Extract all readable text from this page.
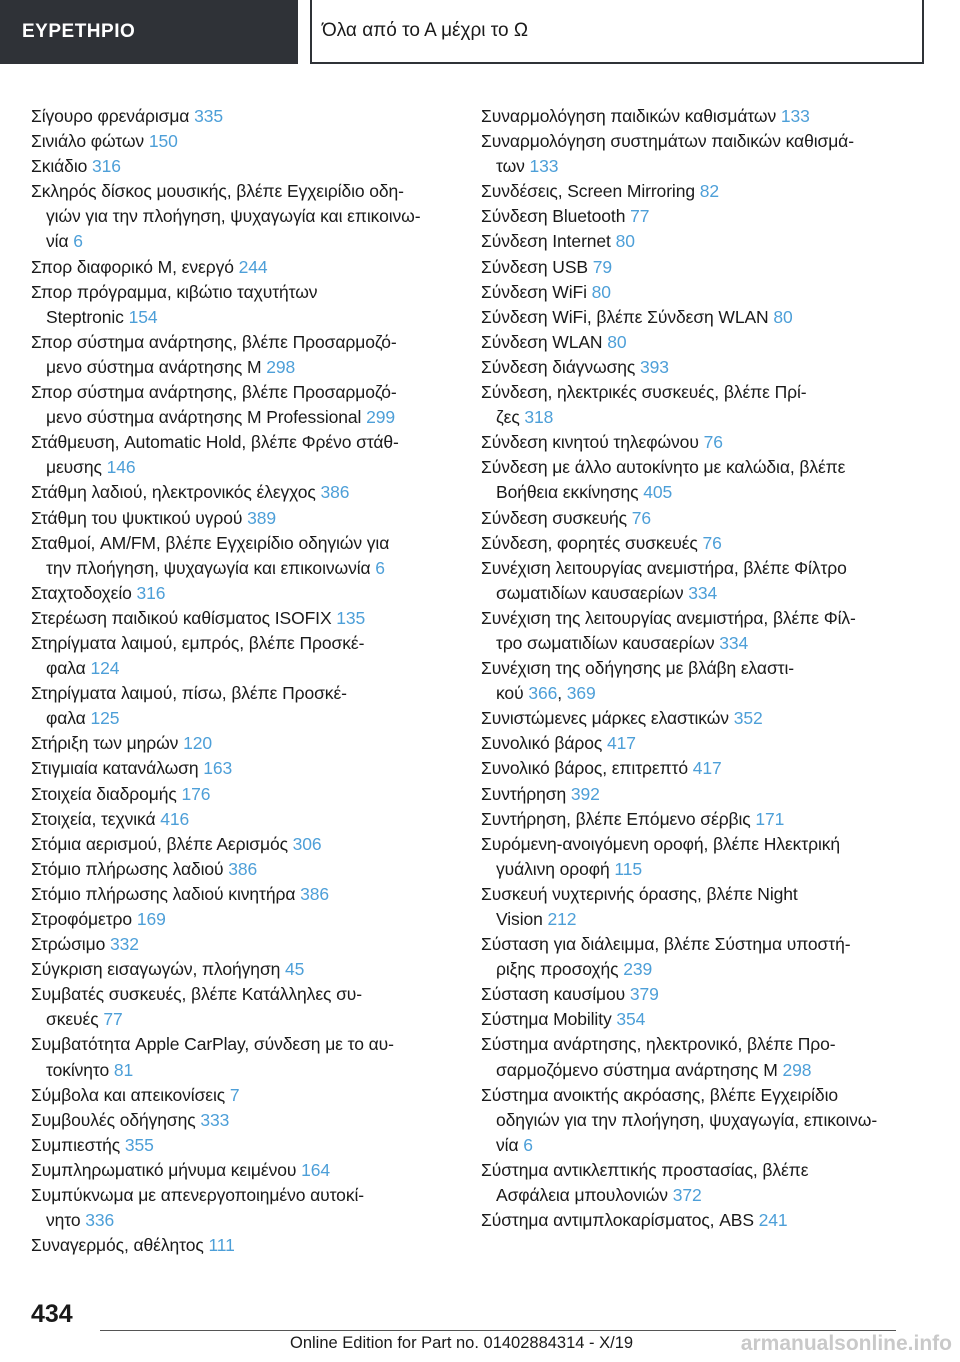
ΕΥΡΕΤΗΡΙΟ	Όλα από το Α μέχρι το Ω
Σίγουρο φρενάρισμα 335
Σινιάλο φώτων 150
Σκιάδιο 316
Σκληρός δίσκος μουσικής, βλέπε Εγχειρίδιο οδη‐
γιών για την πλοήγηση, ψυχαγωγία και επικοινω‐
νία 6
Σπορ διαφορικό M, ενεργό 244
Σπορ πρόγραμμα, κιβώτιο ταχυτήτων
Steptronic 154
Σπορ σύστημα ανάρτησης, βλέπε Προσαρμοζό‐
μενο σύστημα ανάρτησης M 298
Σπορ σύστημα ανάρτησης, βλέπε Προσαρμοζό‐
μενο σύστημα ανάρτησης M Professional 299
Στάθμευση, Automatic Hold, βλέπε Φρένο στάθ‐
μευσης 146
Στάθμη λαδιού, ηλεκτρονικός έλεγχος 386
Στάθμη του ψυκτικού υγρού 389
Σταθμοί, AM/FM, βλέπε Εγχειρίδιο οδηγιών για
την πλοήγηση, ψυχαγωγία και επικοινωνία 6
Σταχτοδοχείο 316
Στερέωση παιδικού καθίσματος ISOFIX 135
Στηρίγματα λαιμού, εμπρός, βλέπε Προσκέ‐
φαλα 124
Στηρίγματα λαιμού, πίσω, βλέπε Προσκέ‐
φαλα 125
Στήριξη των μηρών 120
Στιγμιαία κατανάλωση 163
Στοιχεία διαδρομής 176
Στοιχεία, τεχνικά 416
Στόμια αερισμού, βλέπε Αερισμός 306
Στόμιο πλήρωσης λαδιού 386
Στόμιο πλήρωσης λαδιού κινητήρα 386
Στροφόμετρο 169
Στρώσιμο 332
Σύγκριση εισαγωγών, πλοήγηση 45
Συμβατές συσκευές, βλέπε Κατάλληλες συ‐
σκευές 77
Συμβατότητα Apple CarPlay, σύνδεση με το αυ‐
τοκίνητο 81
Σύμβολα και απεικονίσεις 7
Συμβουλές οδήγησης 333
Συμπιεστής 355
Συμπληρωματικό μήνυμα κειμένου 164
Συμπύκνωμα με απενεργοποιημένο αυτοκί‐
νητο 336
Συναγερμός, αθέλητος 111
Συναρμολόγηση παιδικών καθισμάτων 133
Συναρμολόγηση συστημάτων παιδικών καθισμά‐
των 133
Συνδέσεις, Screen Mirroring 82
Σύνδεση Bluetooth 77
Σύνδεση Internet 80
Σύνδεση USB 79
Σύνδεση WiFi 80
Σύνδεση WiFi, βλέπε Σύνδεση WLAN 80
Σύνδεση WLAN 80
Σύνδεση διάγνωσης 393
Σύνδεση, ηλεκτρικές συσκευές, βλέπε Πρί‐
ζες 318
Σύνδεση κινητού τηλεφώνου 76
Σύνδεση με άλλο αυτοκίνητο με καλώδια, βλέπε
Βοήθεια εκκίνησης 405
Σύνδεση συσκευής 76
Σύνδεση, φορητές συσκευές 76
Συνέχιση λειτουργίας ανεμιστήρα, βλέπε Φίλτρο
σωματιδίων καυσαερίων 334
Συνέχιση της λειτουργίας ανεμιστήρα, βλέπε Φίλ‐
τρο σωματιδίων καυσαερίων 334
Συνέχιση της οδήγησης με βλάβη ελαστι‐
κού 366, 369
Συνιστώμενες μάρκες ελαστικών 352
Συνολικό βάρος 417
Συνολικό βάρος, επιτρεπτό 417
Συντήρηση 392
Συντήρηση, βλέπε Επόμενο σέρβις 171
Συρόμενη-ανοιγόμενη οροφή, βλέπε Ηλεκτρική
γυάλινη οροφή 115
Συσκευή νυχτερινής όρασης, βλέπε Night
Vision 212
Σύσταση για διάλειμμα, βλέπε Σύστημα υποστή‐
ριξης προσοχής 239
Σύσταση καυσίμου 379
Σύστημα Mobility 354
Σύστημα ανάρτησης, ηλεκτρονικό, βλέπε Προ‐
σαρμοζόμενο σύστημα ανάρτησης M 298
Σύστημα ανοικτής ακρόασης, βλέπε Εγχειρίδιο
οδηγιών για την πλοήγηση, ψυχαγωγία, επικοινω‐
νία 6
Σύστημα αντικλεπτικής προστασίας, βλέπε
Ασφάλεια μπουλονιών 372
Σύστημα αντιμπλοκαρίσματος, ABS 241
434
Online Edition for Part no. 01402884314 - X/19	armanualsonline.info
